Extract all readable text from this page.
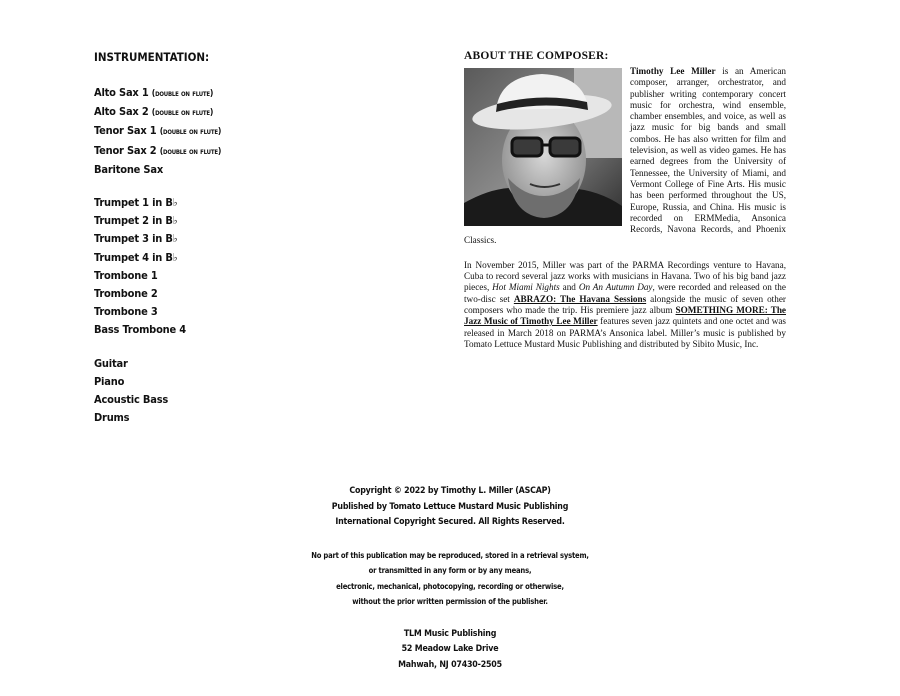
INSTRUMENTATION:
Alto Sax 1 (double on flute)
Alto Sax 2 (double on flute)
Tenor Sax 1 (double on flute)
Tenor Sax 2 (double on flute)
Baritone Sax
Trumpet 1 in B♭
Trumpet 2 in B♭
Trumpet 3 in B♭
Trumpet 4 in B♭
Trombone 1
Trombone 2
Trombone 3
Bass Trombone 4
Guitar
Piano
Acoustic Bass
Drums
ABOUT THE COMPOSER:

Timothy Lee Miller is an American composer, arranger, orchestrator, and publisher writing contemporary concert music for orchestra, wind ensemble, chamber ensembles, and voice, as well as jazz music for big bands and small combos. He has also written for film and television, as well as video games. He has earned degrees from the University of Tennessee, the University of Miami, and Vermont College of Fine Arts. His music has been performed throughout the US, Europe, Russia, and China. His music is recorded on ERMMedia, Ansonica Records, Navona Records, and Phoenix Classics.

In November 2015, Miller was part of the PARMA Recordings venture to Havana, Cuba to record several jazz works with musicians in Havana. Two of his big band jazz pieces, Hot Miami Nights and On An Autumn Day, were recorded and released on the two-disc set ABRAZO: The Havana Sessions alongside the music of seven other composers who made the trip. His premiere jazz album SOMETHING MORE: The Jazz Music of Timothy Lee Miller features seven jazz quintets and one octet and was released in March 2018 on PARMA’s Ansonica label. Miller’s music is published by Tomato Lettuce Mustard Music Publishing and distributed by Sibito Music, Inc.

Copyright © 2022 by Timothy L. Miller (ASCAP)
Published by Tomato Lettuce Mustard Music Publishing
International Copyright Secured. All Rights Reserved.
No part of this publication may be reproduced, stored in a retrieval system,
or transmitted in any form or by any means,
electronic, mechanical, photocopying, recording or otherwise,
without the prior written permission of the publisher.
TLM Music Publishing
52 Meadow Lake Drive
Mahwah, NJ 07430-2505
